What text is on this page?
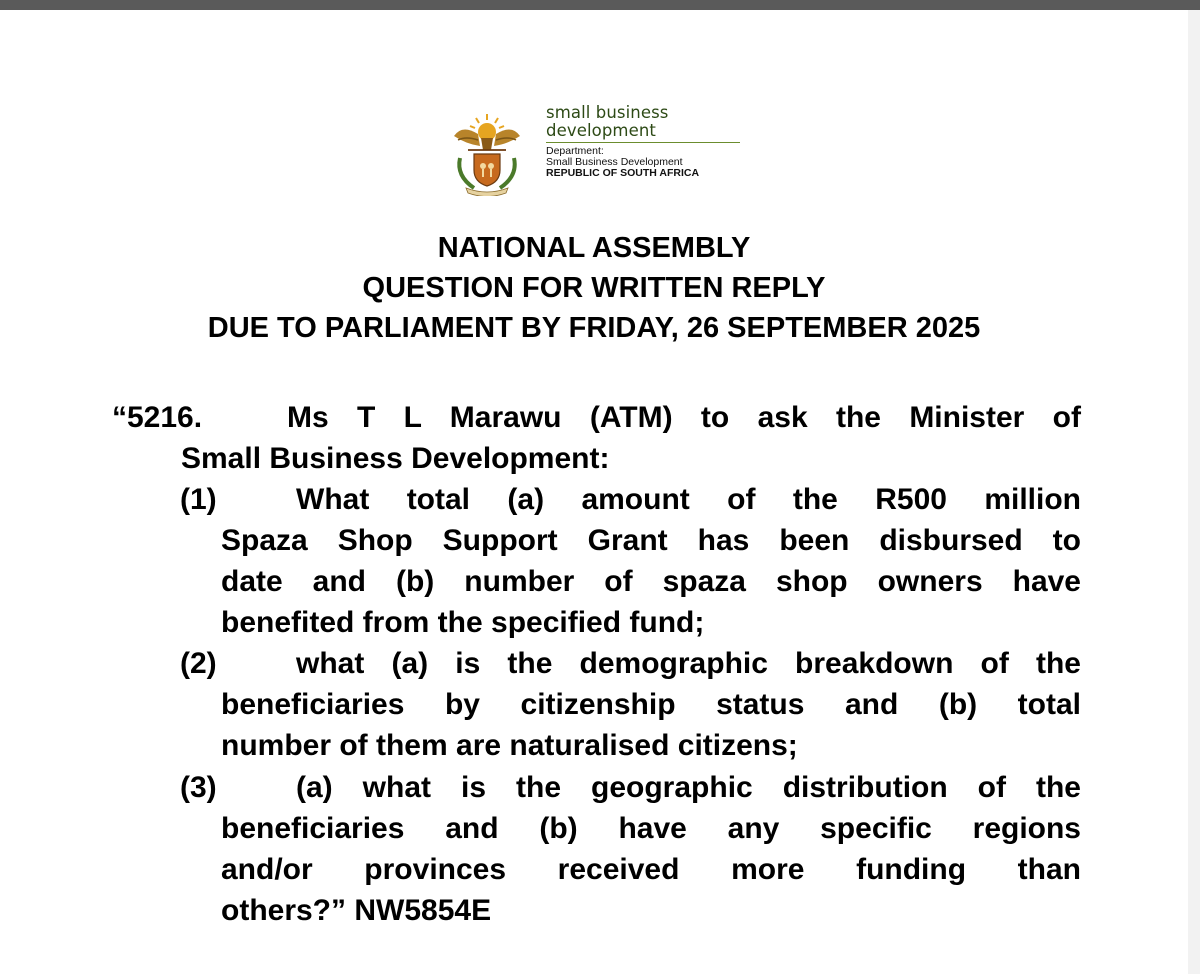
small business
development
Department:
Small Business Development
REPUBLIC OF SOUTH AFRICA
NATIONAL ASSEMBLY
QUESTION FOR WRITTEN REPLY
DUE TO PARLIAMENT BY FRIDAY, 26 SEPTEMBER 2025
“5216.	Ms T L Marawu (ATM) to ask the Minister of
Small Business Development:
(1)	What total (a) amount of the R500 million
Spaza Shop Support Grant has been disbursed to
date and (b) number of spaza shop owners have
benefited from the specified fund;
(2)	what (a) is the demographic breakdown of the
beneficiaries by citizenship status and (b) total
number of them are naturalised citizens;
(3)	(a) what is the geographic distribution of the
beneficiaries and (b) have any specific regions
and/or provinces received more funding than
others?” NW5854E
